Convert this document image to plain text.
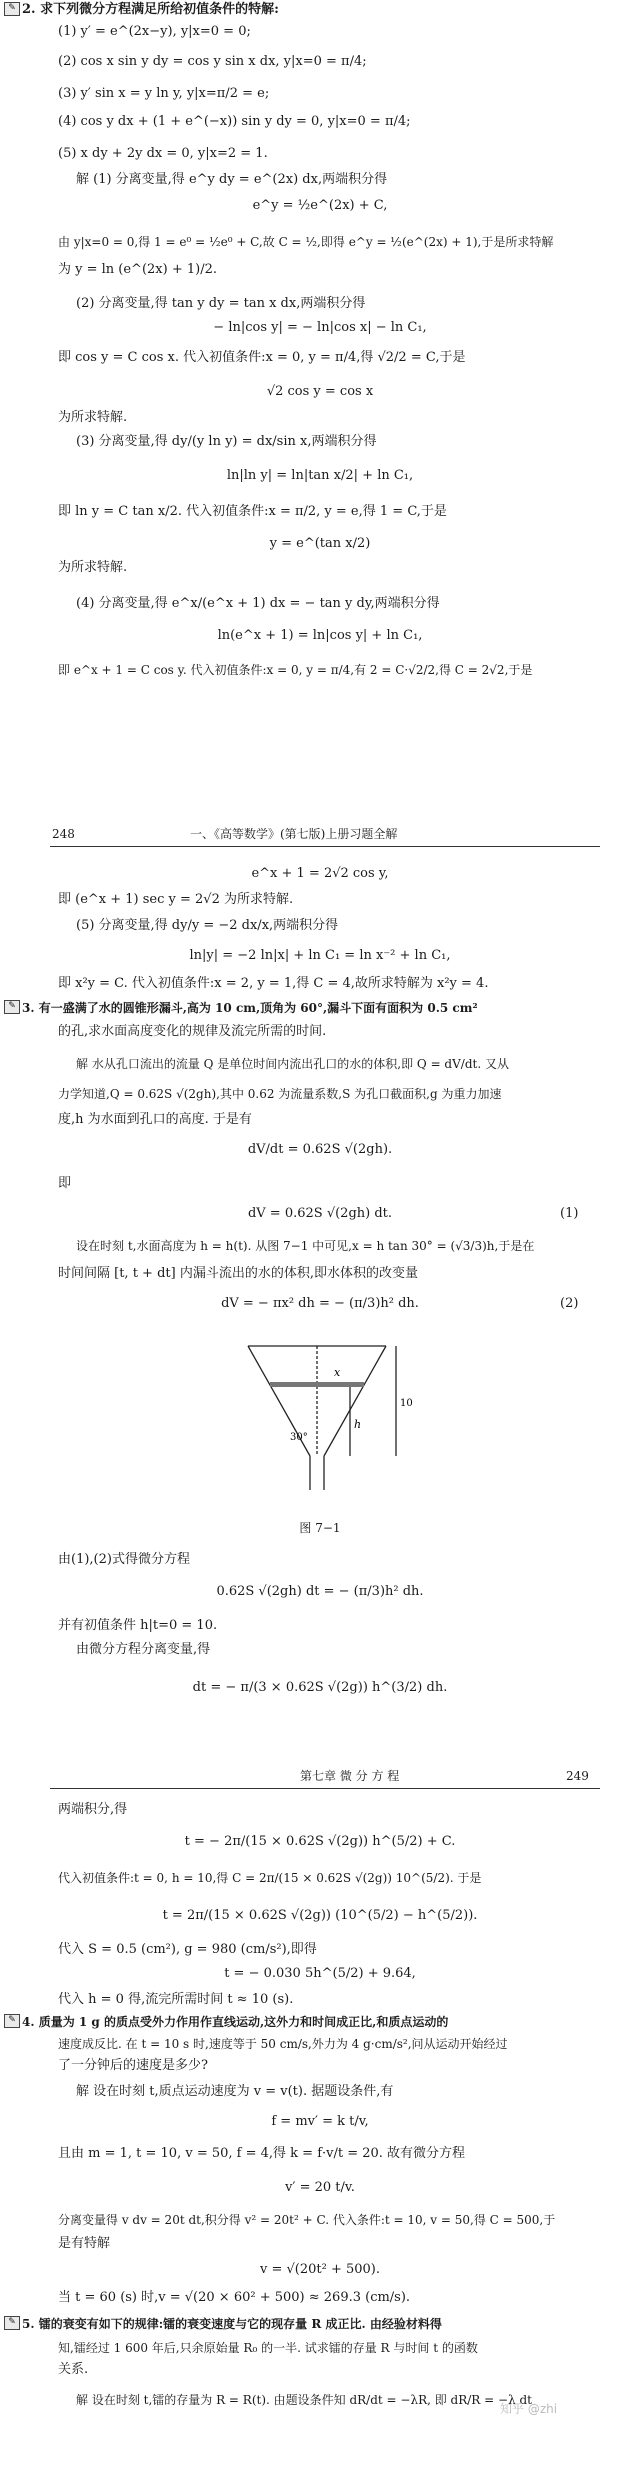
✎ 2. 求下列微分方程满足所给初值条件的特解:
(1) y′ = e^(2x−y), y|x=0 = 0;
(2) cos x sin y dy = cos y sin x dx, y|x=0 = π/4;
(3) y′ sin x = y ln y, y|x=π/2 = e;
(4) cos y dx + (1 + e^(−x)) sin y dy = 0, y|x=0 = π/4;
(5) x dy + 2y dx = 0, y|x=2 = 1.
解 (1) 分离变量,得 e^y dy = e^(2x) dx,两端积分得
e^y = ½e^(2x) + C,
由 y|x=0 = 0,得 1 = e⁰ = ½e⁰ + C,故 C = ½,即得 e^y = ½(e^(2x) + 1),于是所求特解
为 y = ln (e^(2x) + 1)/2.
(2) 分离变量,得 tan y dy = tan x dx,两端积分得
− ln|cos y| = − ln|cos x| − ln C₁,
即 cos y = C cos x. 代入初值条件:x = 0, y = π/4,得 √2/2 = C,于是
√2 cos y = cos x
为所求特解.
(3) 分离变量,得 dy/(y ln y) = dx/sin x,两端积分得
ln|ln y| = ln|tan x/2| + ln C₁,
即 ln y = C tan x/2. 代入初值条件:x = π/2, y = e,得 1 = C,于是
y = e^(tan x/2)
为所求特解.
(4) 分离变量,得 e^x/(e^x + 1) dx = − tan y dy,两端积分得
ln(e^x + 1) = ln|cos y| + ln C₁,
即 e^x + 1 = C cos y. 代入初值条件:x = 0, y = π/4,有 2 = C·√2/2,得 C = 2√2,于是
248	一、《高等数学》(第七版)上册习题全解
e^x + 1 = 2√2 cos y,
即 (e^x + 1) sec y = 2√2 为所求特解.
(5) 分离变量,得 dy/y = −2 dx/x,两端积分得
ln|y| = −2 ln|x| + ln C₁ = ln x⁻² + ln C₁,
即 x²y = C. 代入初值条件:x = 2, y = 1,得 C = 4,故所求特解为 x²y = 4.
✎ 3. 有一盛满了水的圆锥形漏斗,高为 10 cm,顶角为 60°,漏斗下面有面积为 0.5 cm²
的孔,求水面高度变化的规律及流完所需的时间.
解 水从孔口流出的流量 Q 是单位时间内流出孔口的水的体积,即 Q = dV/dt. 又从
力学知道,Q = 0.62S √(2gh),其中 0.62 为流量系数,S 为孔口截面积,g 为重力加速
度,h 为水面到孔口的高度. 于是有
dV/dt = 0.62S √(2gh).
即
dV = 0.62S √(2gh) dt.	(1)
设在时刻 t,水面高度为 h = h(t). 从图 7−1 中可见,x = h tan 30° = (√3/3)h,于是在
时间间隔 [t, t + dt] 内漏斗流出的水的体积,即水体积的改变量
dV = − πx² dh = − (π/3)h² dh.	(2)
x
h
10
30°
图 7−1
由(1),(2)式得微分方程
0.62S √(2gh) dt = − (π/3)h² dh.
并有初值条件 h|t=0 = 10.
由微分方程分离变量,得
dt = − π/(3 × 0.62S √(2g)) h^(3/2) dh.
第七章 微 分 方 程	249
两端积分,得
t = − 2π/(15 × 0.62S √(2g)) h^(5/2) + C.
代入初值条件:t = 0, h = 10,得 C = 2π/(15 × 0.62S √(2g)) 10^(5/2). 于是
t = 2π/(15 × 0.62S √(2g)) (10^(5/2) − h^(5/2)).
代入 S = 0.5 (cm²), g = 980 (cm/s²),即得
t = − 0.030 5h^(5/2) + 9.64,
代入 h = 0 得,流完所需时间 t ≈ 10 (s).
✎ 4. 质量为 1 g 的质点受外力作用作直线运动,这外力和时间成正比,和质点运动的
速度成反比. 在 t = 10 s 时,速度等于 50 cm/s,外力为 4 g·cm/s²,问从运动开始经过
了一分钟后的速度是多少?
解 设在时刻 t,质点运动速度为 v = v(t). 据题设条件,有
f = mv′ = k t/v,
且由 m = 1, t = 10, v = 50, f = 4,得 k = f·v/t = 20. 故有微分方程
v′ = 20 t/v.
分离变量得 v dv = 20t dt,积分得 v² = 20t² + C. 代入条件:t = 10, v = 50,得 C = 500,于
是有特解
v = √(20t² + 500).
当 t = 60 (s) 时,v = √(20 × 60² + 500) ≈ 269.3 (cm/s).
✎ 5. 镭的衰变有如下的规律:镭的衰变速度与它的现存量 R 成正比. 由经验材料得
知,镭经过 1 600 年后,只余原始量 R₀ 的一半. 试求镭的存量 R 与时间 t 的函数
关系.
解 设在时刻 t,镭的存量为 R = R(t). 由题设条件知 dR/dt = −λR, 即 dR/R = −λ dt
知乎 @zhi
